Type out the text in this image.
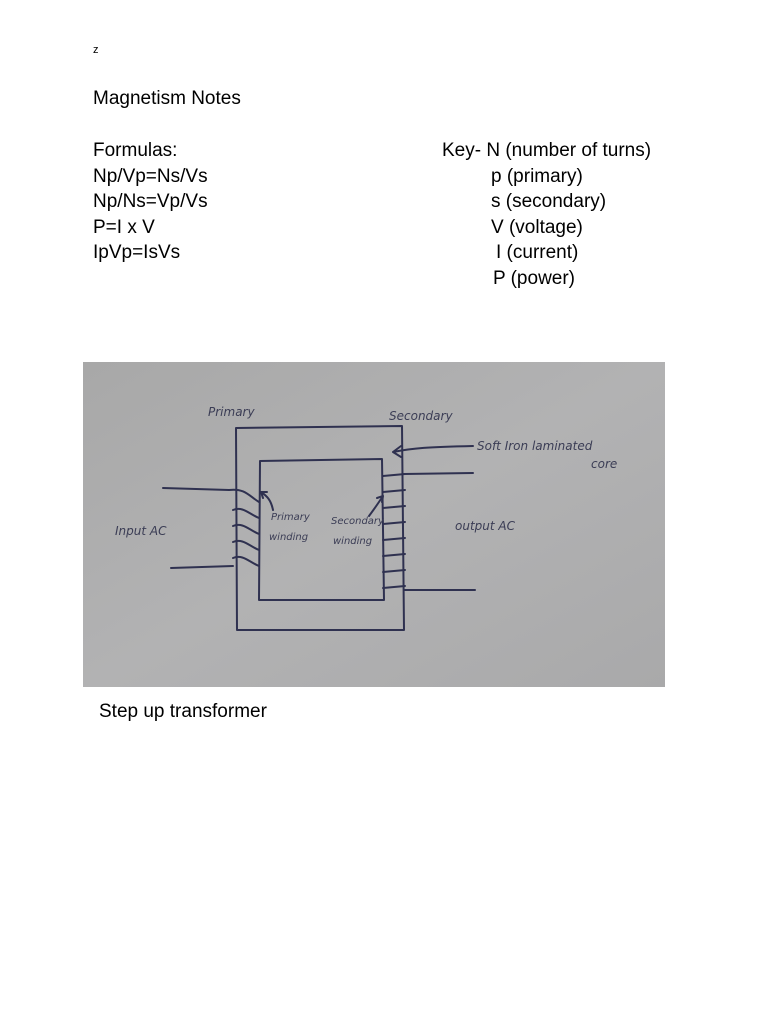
z
Magnetism Notes
Formulas:
Np/Vp=Ns/Vs
Np/Ns=Vp/Vs
P=I x V
IpVp=IsVs
Key- N (number of turns)
p (primary)
s (secondary)
V (voltage)
I (current)
P (power)
Primary	Secondary
Soft Iron laminated
core
Primary
winding
Secondary
winding
Input AC	output AC
Step up transformer
